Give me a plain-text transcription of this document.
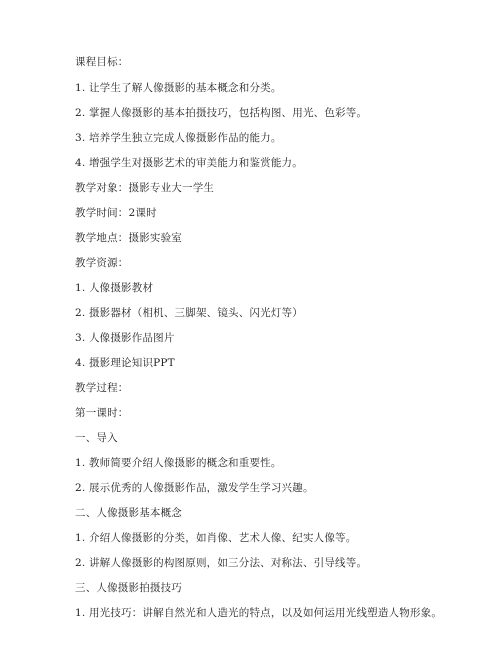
课程目标：
1. 让学生了解人像摄影的基本概念和分类。
2. 掌握人像摄影的基本拍摄技巧，包括构图、用光、色彩等。
3. 培养学生独立完成人像摄影作品的能力。
4. 增强学生对摄影艺术的审美能力和鉴赏能力。
教学对象：摄影专业大一学生
教学时间：2课时
教学地点：摄影实验室
教学资源：
1. 人像摄影教材
2. 摄影器材（相机、三脚架、镜头、闪光灯等）
3. 人像摄影作品图片
4. 摄影理论知识PPT
教学过程：
第一课时：
一、导入
1. 教师简要介绍人像摄影的概念和重要性。
2. 展示优秀的人像摄影作品，激发学生学习兴趣。
二、人像摄影基本概念
1. 介绍人像摄影的分类，如肖像、艺术人像、纪实人像等。
2. 讲解人像摄影的构图原则，如三分法、对称法、引导线等。
三、人像摄影拍摄技巧
1. 用光技巧：讲解自然光和人造光的特点，以及如何运用光线塑造人物形象。
